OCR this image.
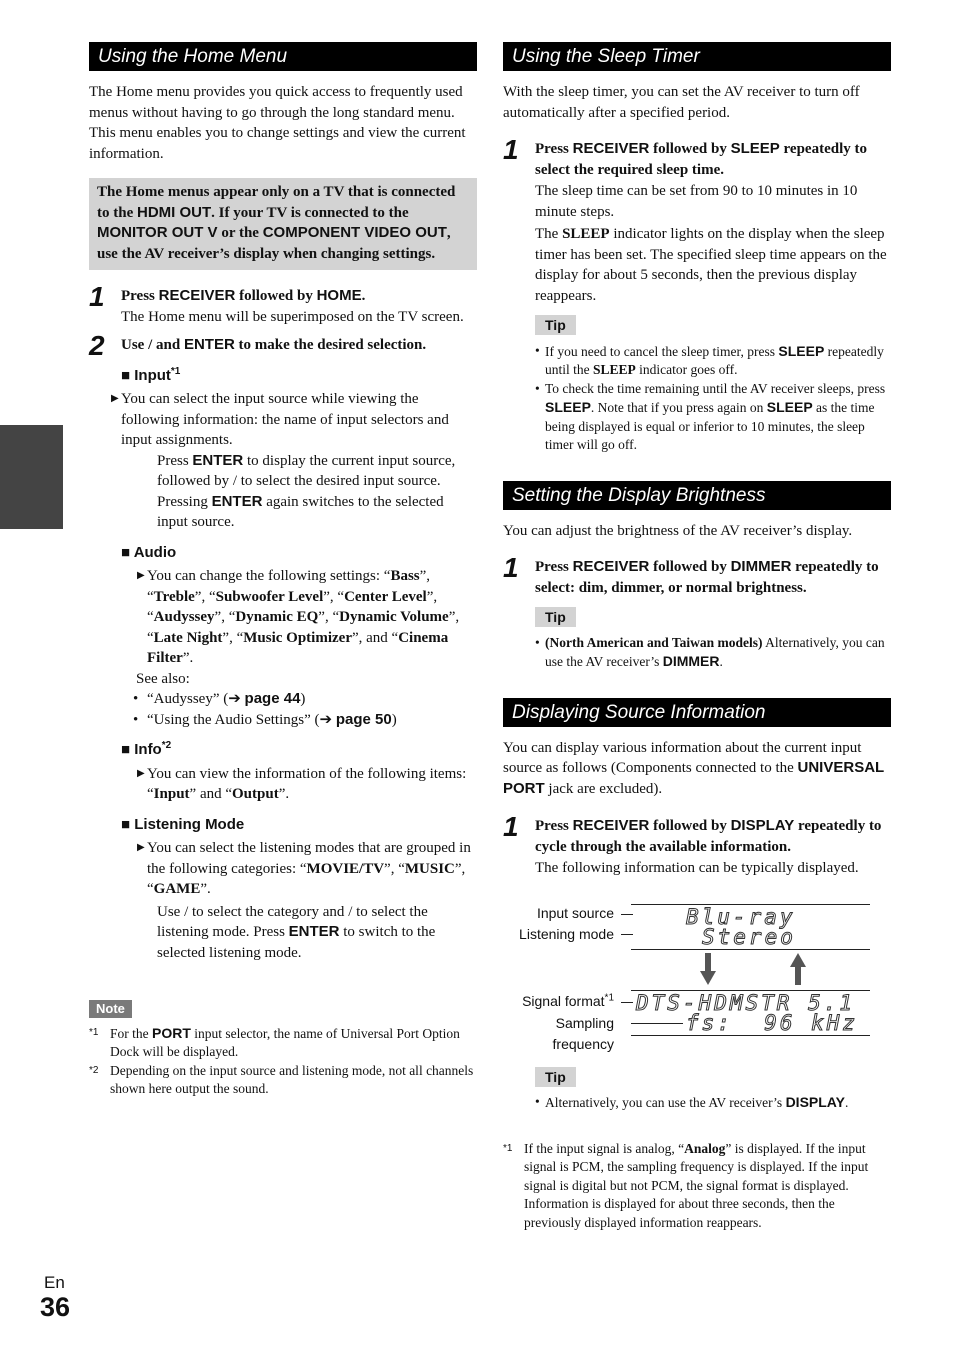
En
36
Using the Home Menu

The Home menu provides you quick access to frequently used menus without having to go through the long standard menu. This menu enables you to change settings and view the current information.

The Home menus appear only on a TV that is connected to the HDMI OUT. If your TV is connected to the MONITOR OUT V or the COMPONENT VIDEO OUT, use the AV receiver’s display when changing settings.
1 Press RECEIVER followed by HOME.
The Home menu will be superimposed on the TV screen.
2 Use / and ENTER to make the desired selection.
■ Input$^{*1}$
▶ You can select the input source while viewing the following information: the name of input selectors and input assignments.
Press ENTER to display the current input source, followed by / to select the desired input source. Pressing ENTER again switches to the selected input source.
■ Audio
▶ You can change the following settings: “Bass”, “Treble”, “Subwoofer Level”, “Center Level”, “Audyssey”, “Dynamic EQ”, “Dynamic Volume”, “Late Night”, “Music Optimizer”, and “Cinema Filter”.
See also:
• “Audyssey” (➔ page 44)
• “Using the Audio Settings” (➔ page 50)
■ Info$^{*2}$
▶ You can view the information of the following items: “Input” and “Output”.
■ Listening Mode
▶ You can select the listening modes that are grouped in the following categories: “MOVIE/TV”, “MUSIC”, “GAME”.
Use / to select the category and / to select the listening mode. Press ENTER to switch to the selected listening mode.
Note
*1 For the PORT input selector, the name of Universal Port Option Dock will be displayed.
*2 Depending on the input source and listening mode, not all channels shown here output the sound.
Using the Sleep Timer

With the sleep timer, you can set the AV receiver to turn off automatically after a specified period.

1 Press RECEIVER followed by SLEEP repeatedly to select the required sleep time.
The sleep time can be set from 90 to 10 minutes in 10 minute steps.
The SLEEP indicator lights on the display when the sleep timer has been set. The specified sleep time appears on the display for about 5 seconds, then the previous display reappears.
Tip
• If you need to cancel the sleep timer, press SLEEP repeatedly until the SLEEP indicator goes off.
• To check the time remaining until the AV receiver sleeps, press SLEEP. Note that if you press again on SLEEP as the time being displayed is equal or inferior to 10 minutes, the sleep timer will go off.
Setting the Display Brightness

You can adjust the brightness of the AV receiver’s display.

1 Press RECEIVER followed by DIMMER repeatedly to select: dim, dimmer, or normal brightness.
Tip
• (North American and Taiwan models) Alternatively, you can use the AV receiver’s DIMMER.
Displaying Source Information

You can display various information about the current input source as follows (Components connected to the UNIVERSAL PORT jack are excluded).

1 Press RECEIVER followed by DISPLAY repeatedly to cycle through the available information.
The following information can be typically displayed.
Input source
Listening mode
Blu-ray
Stereo
Signal format$^{*1}$
Sampling
frequency
DTS-HDMSTR 5.1
fs:  96 kHz
Tip
• Alternatively, you can use the AV receiver’s DISPLAY.
*1 If the input signal is analog, “Analog” is displayed. If the input signal is PCM, the sampling frequency is displayed. If the input signal is digital but not PCM, the signal format is displayed. Information is displayed for about three seconds, then the previously displayed information reappears.
